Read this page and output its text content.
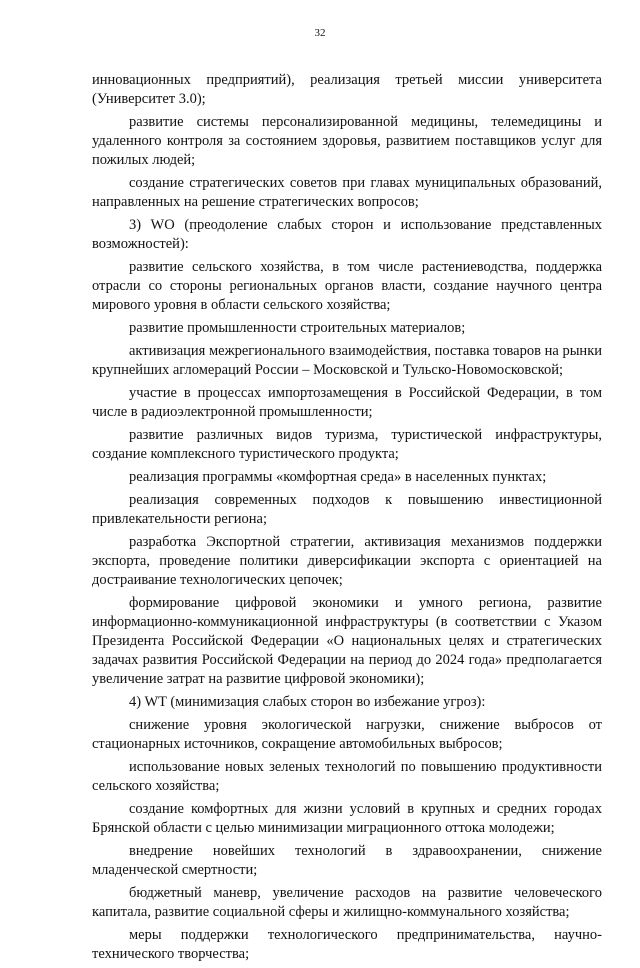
32

инновационных предприятий), реализация третьей миссии университета (Университет 3.0);

развитие системы персонализированной медицины, телемедицины и удаленного контроля за состоянием здоровья, развитием поставщиков услуг для пожилых людей;

создание стратегических советов при главах муниципальных образований, направленных на решение стратегических вопросов;

3) WO (преодоление слабых сторон и использование представленных возможностей):

развитие сельского хозяйства, в том числе растениеводства, поддержка отрасли со стороны региональных органов власти, создание научного центра мирового уровня в области сельского хозяйства;

развитие промышленности строительных материалов;

активизация межрегионального взаимодействия, поставка товаров на рынки крупнейших агломераций России – Московской и Тульско-Новомосковской;

участие в процессах импортозамещения в Российской Федерации, в том числе в радиоэлектронной промышленности;

развитие различных видов туризма, туристической инфраструктуры, создание комплексного туристического продукта;

реализация программы «комфортная среда» в населенных пунктах;

реализация современных подходов к повышению инвестиционной привлекательности региона;

разработка Экспортной стратегии, активизация механизмов поддержки экспорта, проведение политики диверсификации экспорта с ориентацией на достраивание технологических цепочек;

формирование цифровой экономики и умного региона, развитие информационно-коммуникационной инфраструктуры (в соответствии с Указом Президента Российской Федерации «О национальных целях и стратегических задачах развития Российской Федерации на период до 2024 года» предполагается увеличение затрат на развитие цифровой экономики);

4) WT (минимизация слабых сторон во избежание угроз):

снижение уровня экологической нагрузки, снижение выбросов от стационарных источников, сокращение автомобильных выбросов;

использование новых зеленых технологий по повышению продуктивности сельского хозяйства;

создание комфортных для жизни условий в крупных и средних городах Брянской области с целью минимизации миграционного оттока молодежи;

внедрение новейших технологий в здравоохранении, снижение младенческой смертности;

бюджетный маневр, увеличение расходов на развитие человеческого капитала, развитие социальной сферы и жилищно-коммунального хозяйства;

меры поддержки технологического предпринимательства, научно-технического творчества;
